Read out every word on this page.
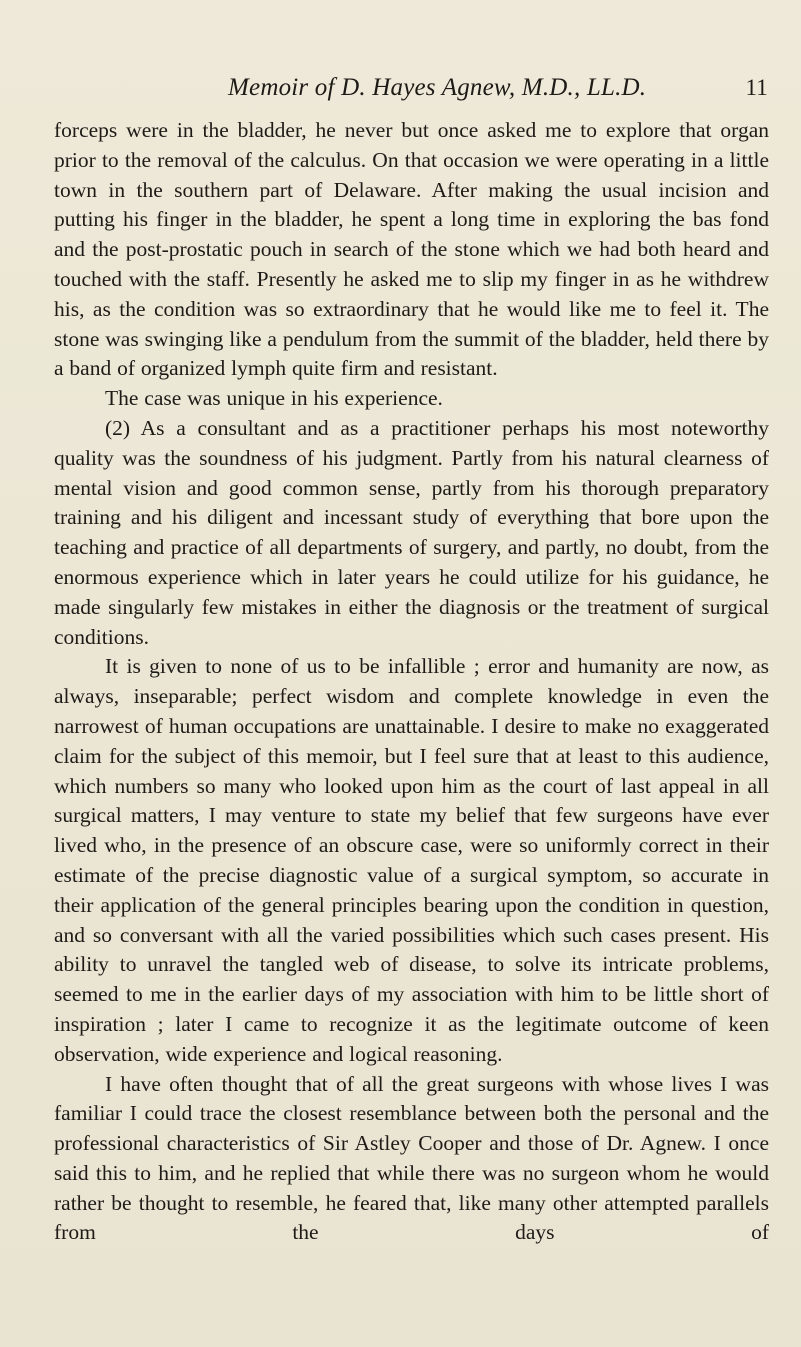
Memoir of D. Hayes Agnew, M.D., LL.D.	11

forceps were in the bladder, he never but once asked me to explore that organ prior to the removal of the calculus. On that occasion we were operating in a little town in the southern part of Delaware. After making the usual incision and putting his finger in the bladder, he spent a long time in exploring the bas fond and the post-prostatic pouch in search of the stone which we had both heard and touched with the staff. Presently he asked me to slip my finger in as he withdrew his, as the condition was so extraordinary that he would like me to feel it. The stone was swinging like a pendulum from the summit of the bladder, held there by a band of organized lymph quite firm and resistant.

The case was unique in his experience.

(2) As a consultant and as a practitioner perhaps his most noteworthy quality was the soundness of his judgment. Partly from his natural clearness of mental vision and good common sense, partly from his thorough preparatory training and his diligent and incessant study of everything that bore upon the teaching and practice of all departments of surgery, and partly, no doubt, from the enormous experience which in later years he could utilize for his guidance, he made singularly few mistakes in either the diagnosis or the treatment of surgical conditions.

It is given to none of us to be infallible ; error and humanity are now, as always, inseparable; perfect wisdom and complete knowledge in even the narrowest of human occupations are unattainable. I desire to make no exaggerated claim for the subject of this memoir, but I feel sure that at least to this audience, which numbers so many who looked upon him as the court of last appeal in all surgical matters, I may venture to state my belief that few surgeons have ever lived who, in the presence of an obscure case, were so uniformly correct in their estimate of the precise diagnostic value of a surgical symptom, so accurate in their application of the general principles bearing upon the condition in question, and so conversant with all the varied possibilities which such cases present. His ability to unravel the tangled web of disease, to solve its intricate problems, seemed to me in the earlier days of my association with him to be little short of inspiration ; later I came to recognize it as the legitimate outcome of keen observation, wide experience and logical reasoning.

I have often thought that of all the great surgeons with whose lives I was familiar I could trace the closest resemblance between both the personal and the professional characteristics of Sir Astley Cooper and those of Dr. Agnew. I once said this to him, and he replied that while there was no surgeon whom he would rather be thought to resemble, he feared that, like many other attempted parallels from the days of
